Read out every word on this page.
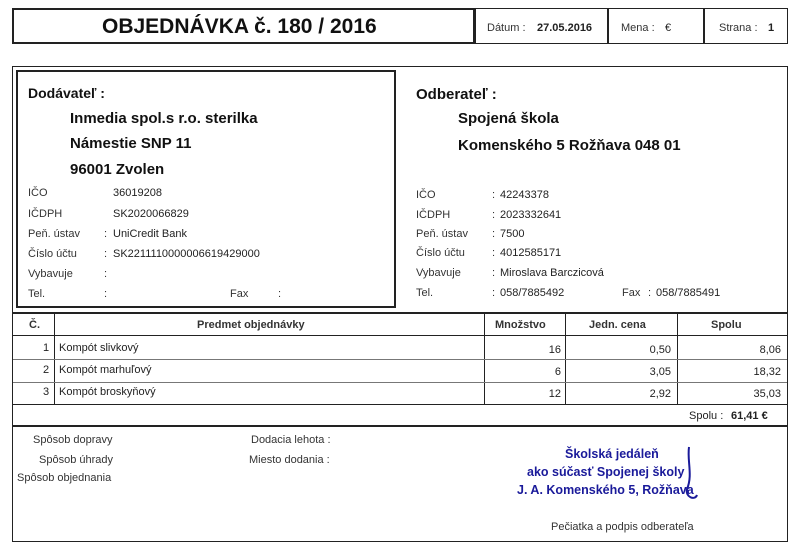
OBJEDNÁVKA č. 180 / 2016	Dátum : 27.05.2016	Mena : €	Strana : 1
Dodávateľ :
Inmedia spol.s r.o. sterilka
Námestie SNP 11
96001 Zvolen
IČO	36019208
IČDPH	SK2020066829
Peň. ústav : UniCredit Bank
Číslo účtu : SK2211110000006619429000
Vybavuje	:
Tel.	:	Fax	:
Odberateľ :
Spojená škola
Komenského 5 Rožňava 048 01
IČO	: 42243378
IČDPH	: 2023332641
Peň. ústav : 7500
Číslo účtu : 4012585171
Vybavuje	: Miroslava Barczicová
Tel.	: 058/7885492	Fax : 058/7885491
Č.	Predmet objednávky	Množstvo	Jedn. cena	Spolu
1 Kompót slivkový	16	0,50	8,06
2 Kompót marhuľový	6	3,05	18,32
3 Kompót broskyňový	12	2,92	35,03
Spolu : 61,41 €
Spôsob dopravy
Spôsob úhrady
Spôsob objednania
Dodacia lehota :
Miesto dodania :	Školská jedáleň
ako súčasť Spojenej školy
J. A. Komenského 5, Rožňava
Pečiatka a podpis odberateľa
